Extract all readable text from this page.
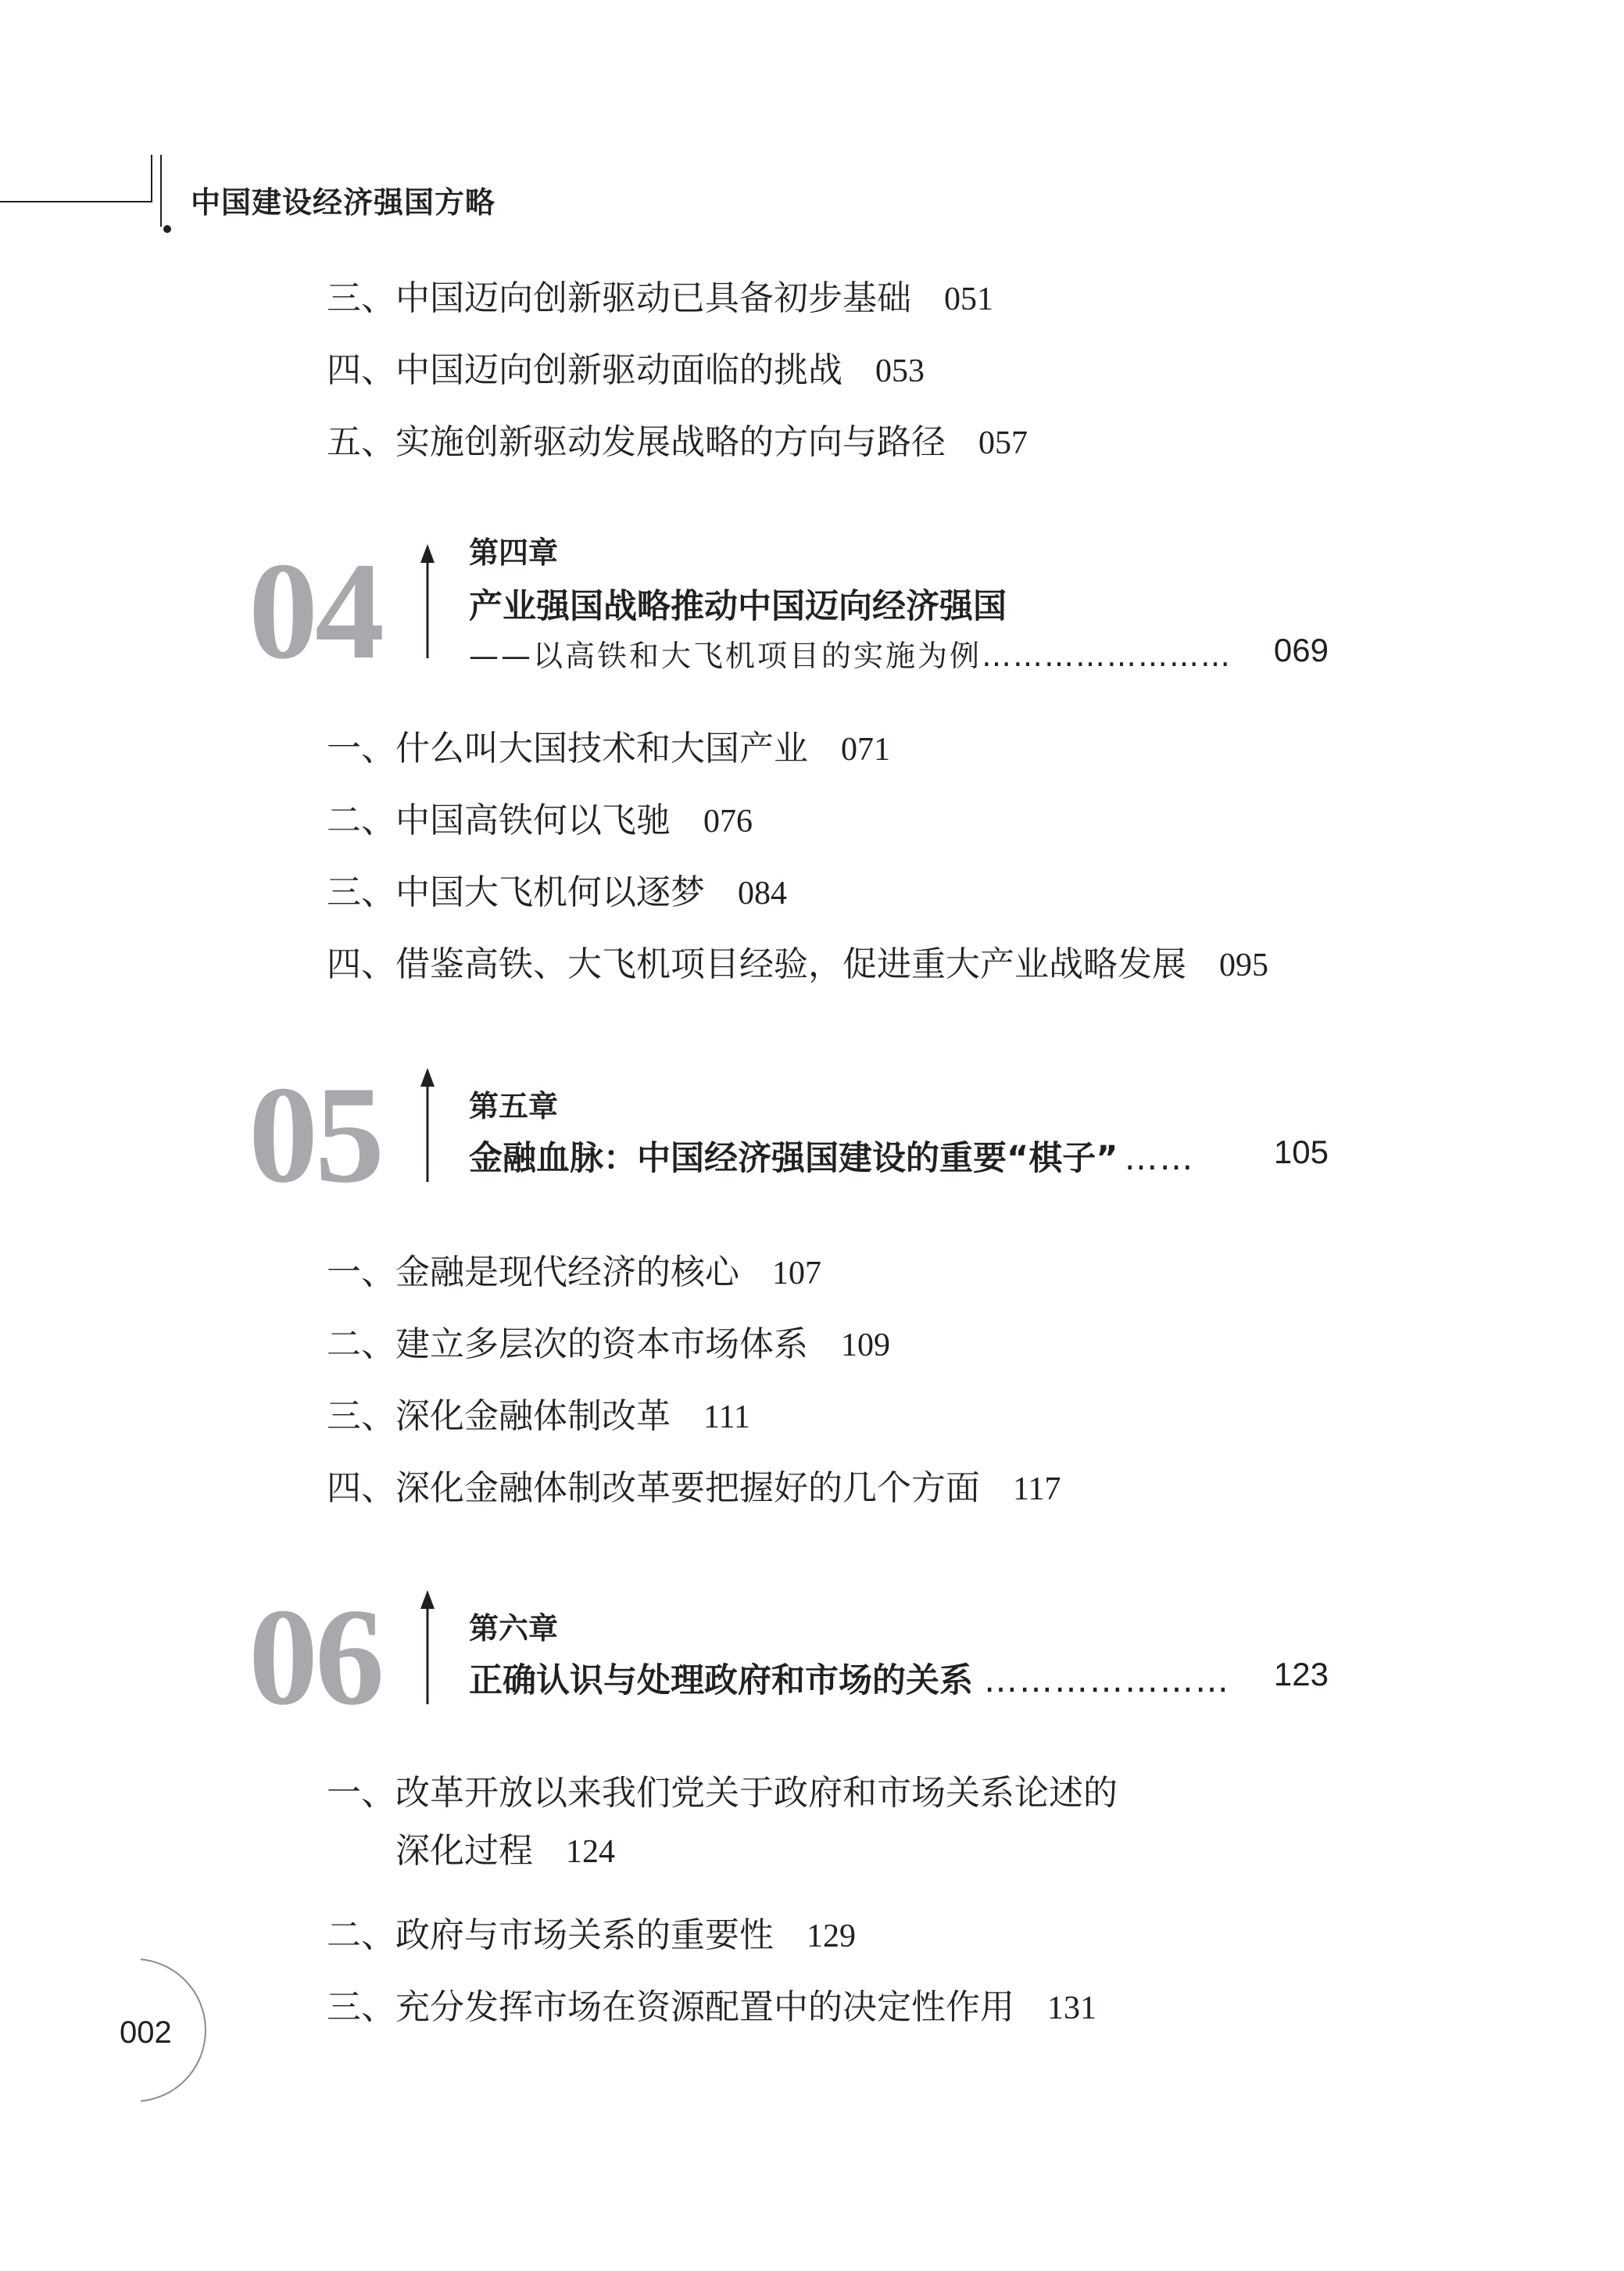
中国建设经济强国方略
三、中国迈向创新驱动已具备初步基础 051
四、中国迈向创新驱动面临的挑战 053
五、实施创新驱动发展战略的方向与路径 057
04	第四章
产业强国战略推动中国迈向经济强国
——以高铁和大飞机项目的实施为例……………………	069
一、什么叫大国技术和大国产业 071
二、中国高铁何以飞驰 076
三、中国大飞机何以逐梦 084
四、借鉴高铁、大飞机项目经验，促进重大产业战略发展 095
05	第五章
金融血脉：中国经济强国建设的重要“棋子” …… 105
一、金融是现代经济的核心 107
二、建立多层次的资本市场体系 109
三、深化金融体制改革 111
四、深化金融体制改革要把握好的几个方面 117
06	第六章
正确认识与处理政府和市场的关系 ………………… 123
一、改革开放以来我们党关于政府和市场关系论述的
深化过程 124
二、政府与市场关系的重要性 129
三、充分发挥市场在资源配置中的决定性作用 131
002
